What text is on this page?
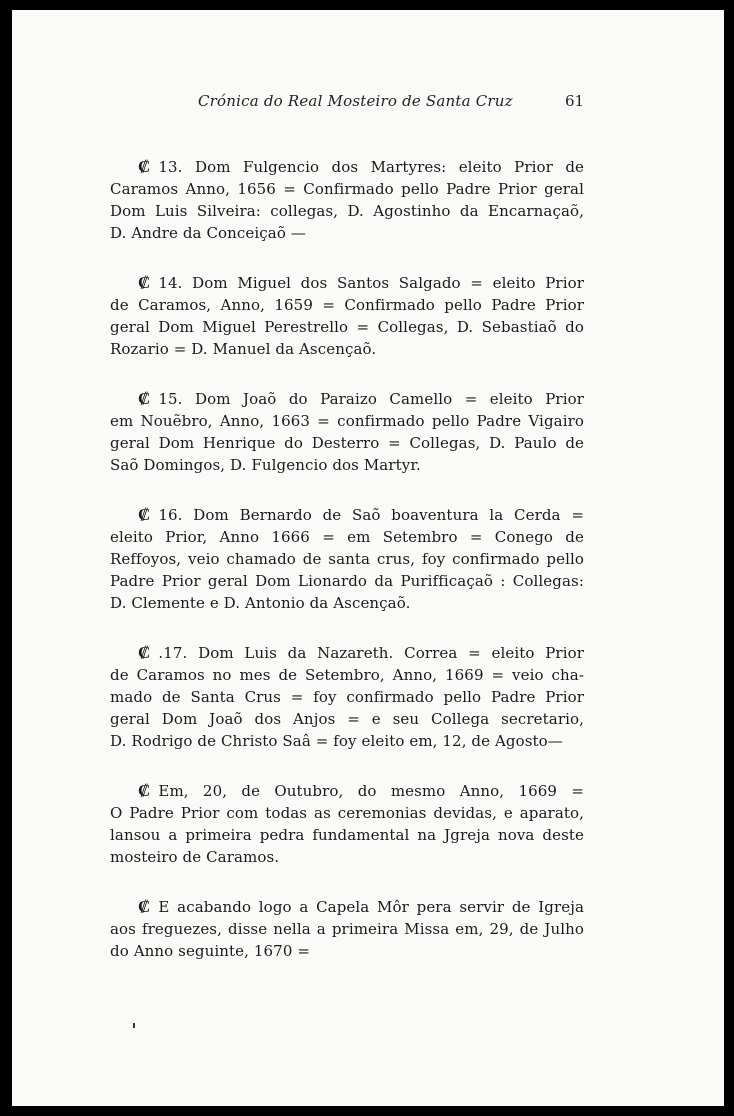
Crónica do Real Mosteiro de Santa Cruz	61
₡ 13. Dom Fulgencio dos Martyres: eleito Prior de
Caramos Anno, 1656 = Confirmado pello Padre Prior geral
Dom Luis Silveira: collegas, D. Agostinho da Encarnaçaõ,
D. Andre da Conceiçaõ —
₡ 14. Dom Miguel dos Santos Salgado = eleito Prior
de Caramos, Anno, 1659 = Confirmado pello Padre Prior
geral Dom Miguel Perestrello = Collegas, D. Sebastiaõ do
Rozario = D. Manuel da Ascençaõ.
₡ 15. Dom Joaõ do Paraizo Camello = eleito Prior
em Nouẽbro, Anno, 1663 = confirmado pello Padre Vigairo
geral Dom Henrique do Desterro = Collegas, D. Paulo de
Saõ Domingos, D. Fulgencio dos Martyr.
₡ 16. Dom Bernardo de Saõ boaventura la Cerda =
eleito Prior, Anno 1666 = em Setembro = Conego de
Reffoyos, veio chamado de santa crus, foy confirmado pello
Padre Prior geral Dom Lionardo da Purifficaçaõ : Collegas:
D. Clemente e D. Antonio da Ascençaõ.
₡ .17. Dom Luis da Nazareth. Correa = eleito Prior
de Caramos no mes de Setembro, Anno, 1669 = veio cha-
mado de Santa Crus = foy confirmado pello Padre Prior
geral Dom Joaõ dos Anjos = e seu Collega secretario,
D. Rodrigo de Christo Saâ = foy eleito em, 12, de Agosto—
₡ Em, 20, de Outubro, do mesmo Anno, 1669 =
O Padre Prior com todas as ceremonias devidas, e aparato,
lansou a primeira pedra fundamental na Jgreja nova deste
mosteiro de Caramos.
₡ E acabando logo a Capela Môr pera servir de Igreja
aos freguezes, disse nella a primeira Missa em, 29, de Julho
do Anno seguinte, 1670 =
